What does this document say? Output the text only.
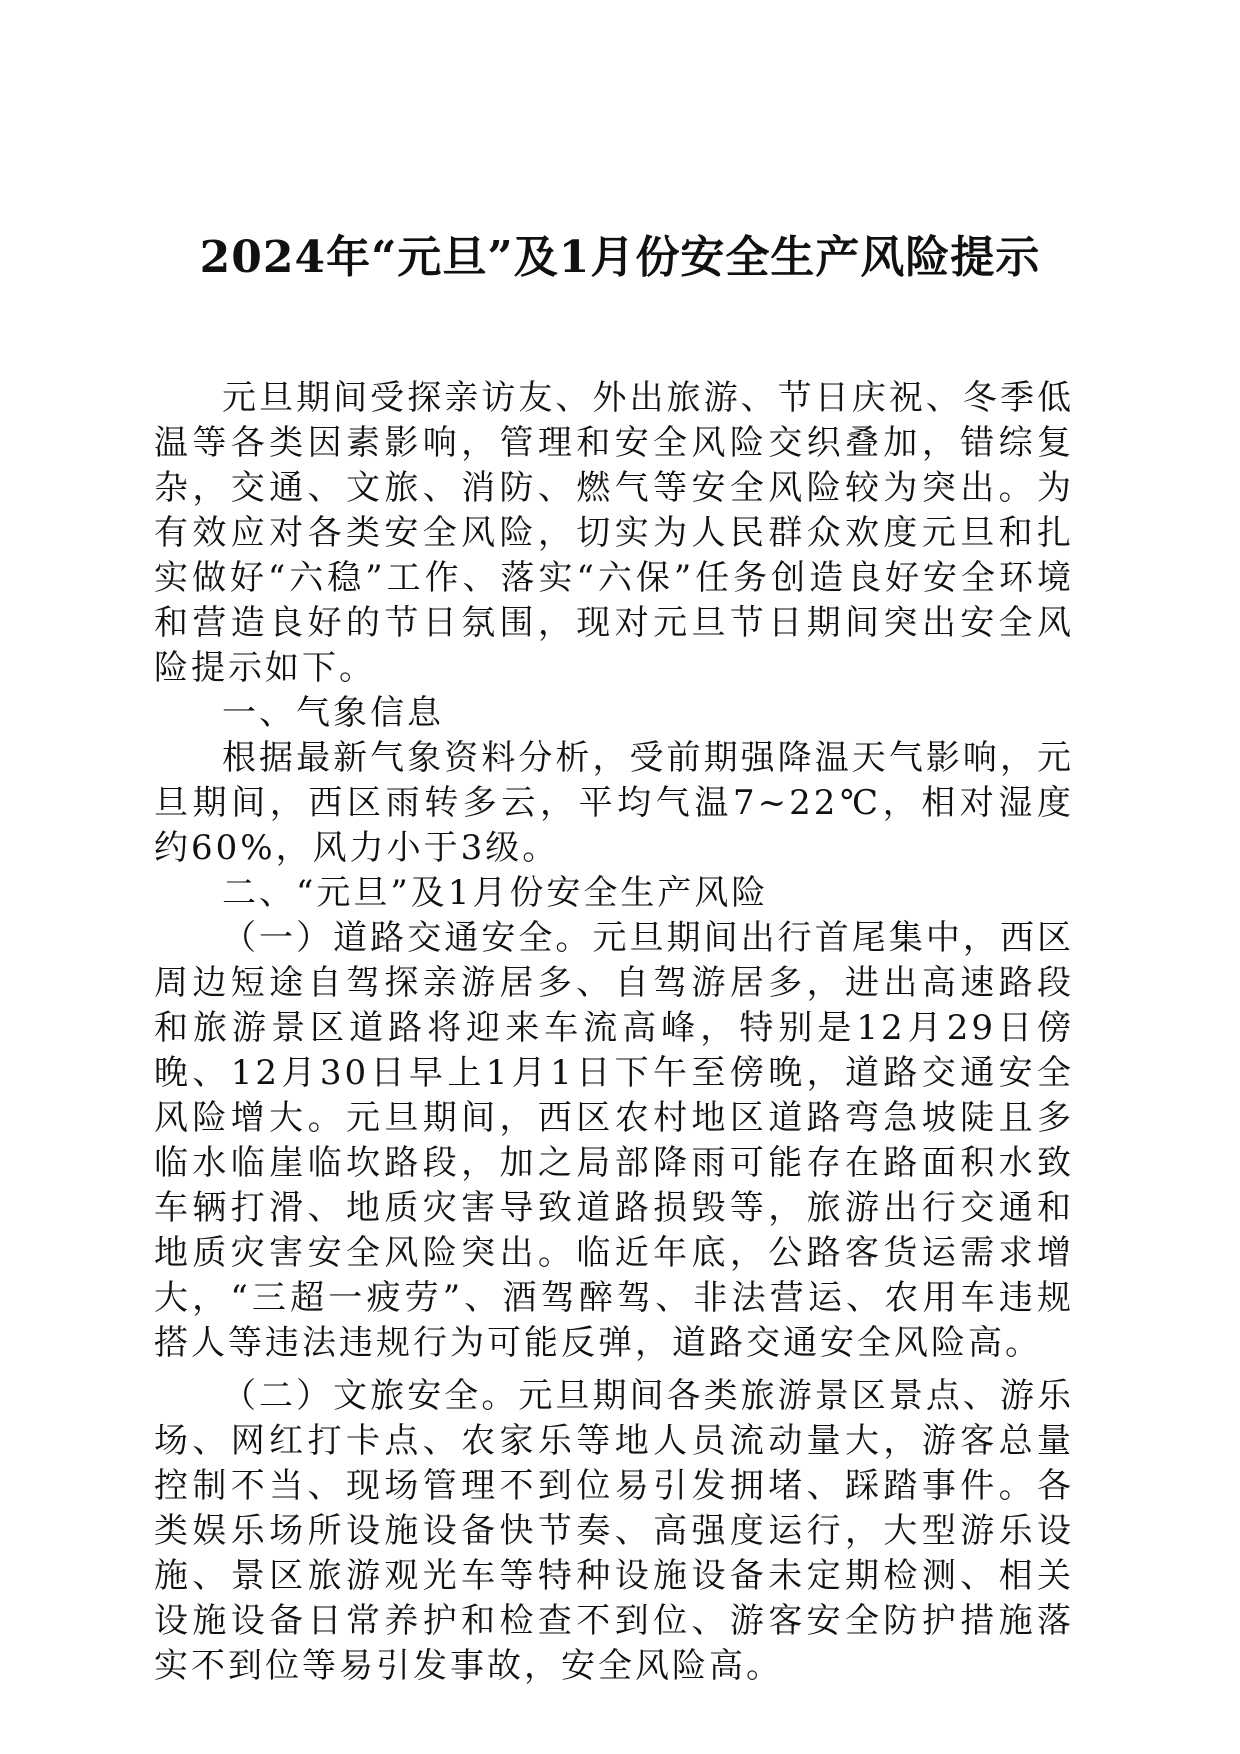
2024年“元旦”及1月份安全生产风险提示

元旦期间受探亲访友、外出旅游、节日庆祝、冬季低温等各类因素影响，管理和安全风险交织叠加，错综复杂，交通、文旅、消防、燃气等安全风险较为突出。为有效应对各类安全风险，切实为人民群众欢度元旦和扎实做好“六稳”工作、落实“六保”任务创造良好安全环境和营造良好的节日氛围，现对元旦节日期间突出安全风险提示如下。

一、气象信息

根据最新气象资料分析，受前期强降温天气影响，元旦期间，西区雨转多云，平均气温7~22℃，相对湿度约60%，风力小于3级。

二、“元旦”及1月份安全生产风险

（一）道路交通安全。元旦期间出行首尾集中，西区周边短途自驾探亲游居多、自驾游居多，进出高速路段和旅游景区道路将迎来车流高峰，特别是12月29日傍晚、12月30日早上1月1日下午至傍晚，道路交通安全风险增大。元旦期间，西区农村地区道路弯急坡陡且多临水临崖临坎路段，加之局部降雨可能存在路面积水致车辆打滑、地质灾害导致道路损毁等，旅游出行交通和地质灾害安全风险突出。临近年底，公路客货运需求增大，“三超一疲劳”、酒驾醉驾、非法营运、农用车违规搭人等违法违规行为可能反弹，道路交通安全风险高。

（二）文旅安全。元旦期间各类旅游景区景点、游乐场、网红打卡点、农家乐等地人员流动量大，游客总量控制不当、现场管理不到位易引发拥堵、踩踏事件。各类娱乐场所设施设备快节奏、高强度运行，大型游乐设施、景区旅游观光车等特种设施设备未定期检测、相关设施设备日常养护和检查不到位、游客安全防护措施落实不到位等易引发事故，安全风险高。
